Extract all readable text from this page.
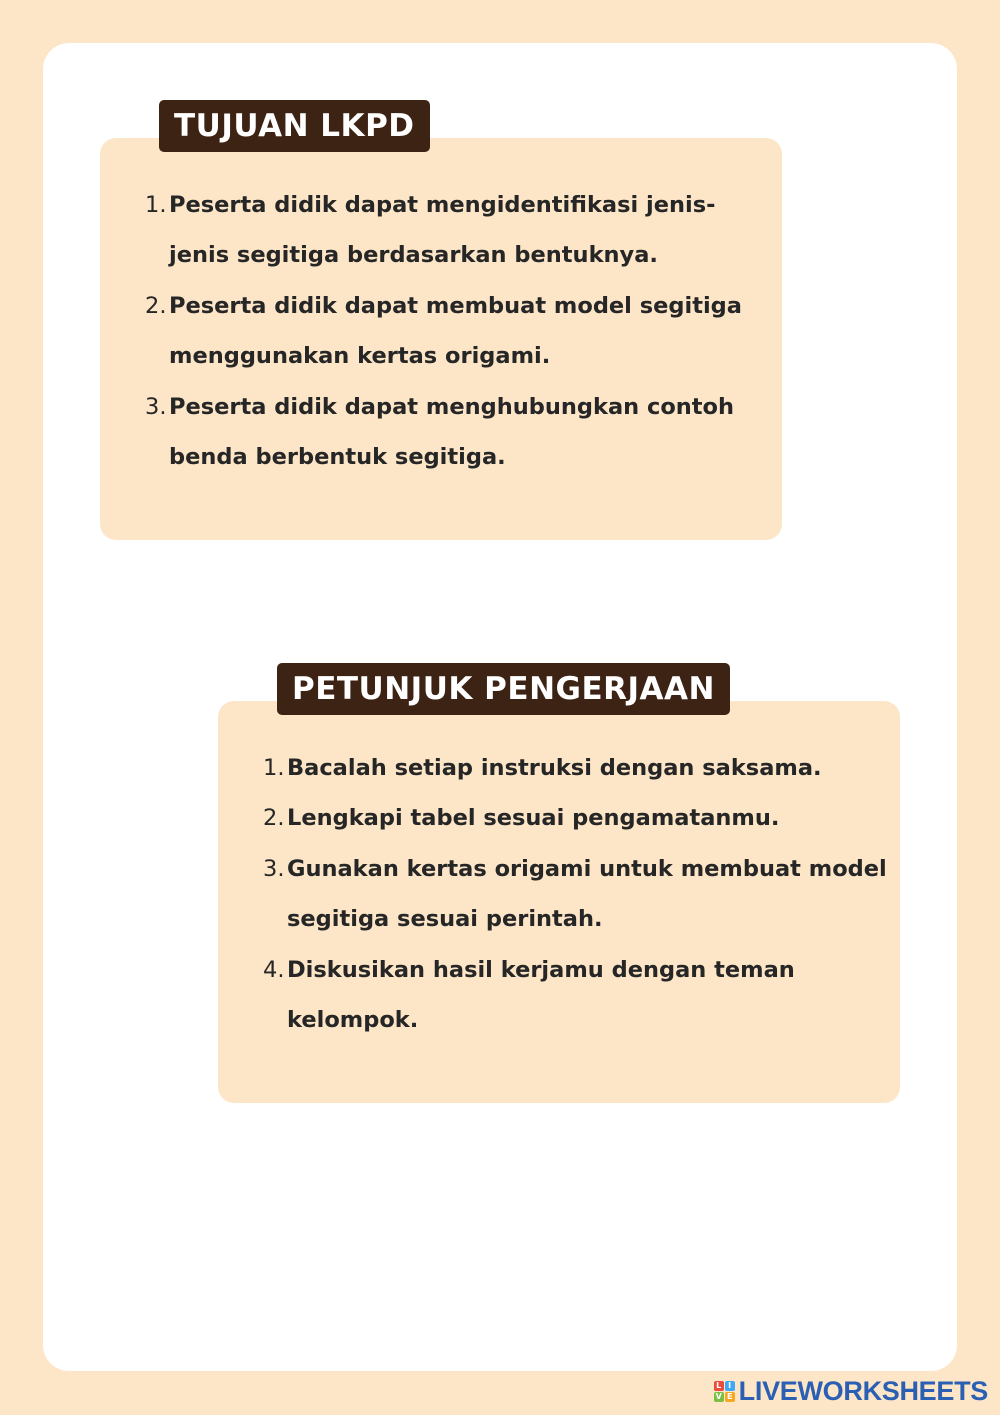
TUJUAN LKPD
1. Peserta didik dapat mengidentifikasi jenis-jenis segitiga berdasarkan bentuknya.
2. Peserta didik dapat membuat model segitiga menggunakan kertas origami.
3. Peserta didik dapat menghubungkan contoh benda berbentuk segitiga.
PETUNJUK PENGERJAAN
1. Bacalah setiap instruksi dengan saksama.
2. Lengkapi tabel sesuai pengamatanmu.
3. Gunakan kertas origami untuk membuat model segitiga sesuai perintah.
4. Diskusikan hasil kerjamu dengan teman kelompok.
L I
V E LIVEWORKSHEETS
